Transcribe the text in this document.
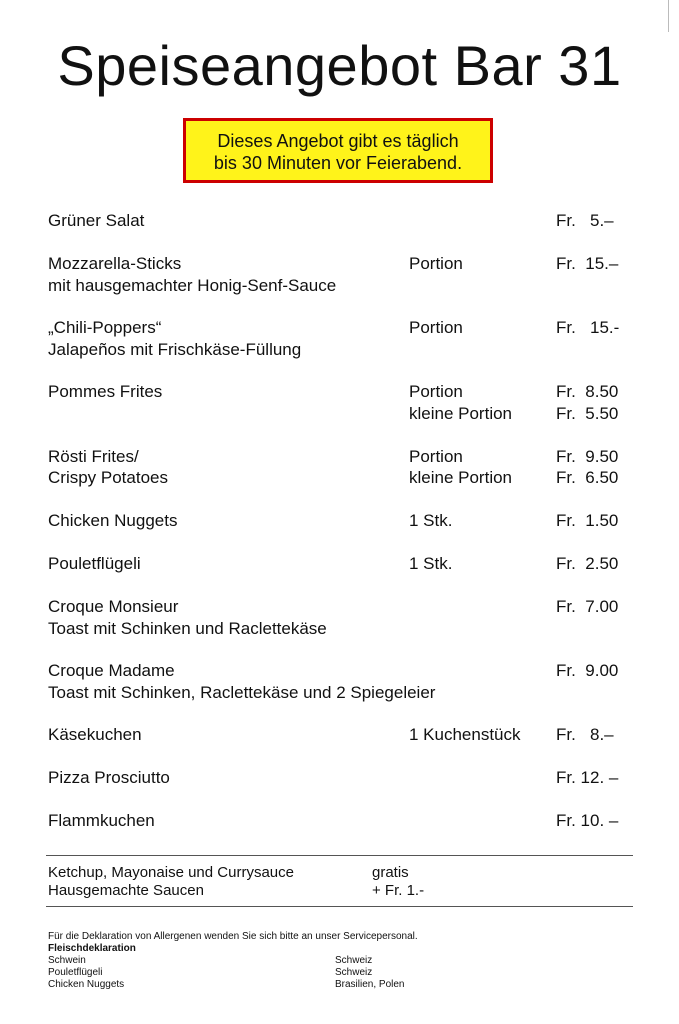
Speiseangebot Bar 31
Dieses Angebot gibt es täglich
bis 30 Minuten vor Feierabend.
Grüner Salat	Fr.   5.–
Mozzarella-Sticks	Portion	Fr.  15.–
mit hausgemachter Honig-Senf-Sauce
„Chili-Poppers“	Portion	Fr.   15.-
Jalapeños mit Frischkäse-Füllung
Pommes Frites	Portion	Fr.  8.50
kleine Portion	Fr.  5.50
Rösti Frites/	Portion	Fr.  9.50
Crispy Potatoes	kleine Portion	Fr.  6.50
Chicken Nuggets	1 Stk.	Fr.  1.50
Pouletflügeli	1 Stk.	Fr.  2.50
Croque Monsieur	Fr.  7.00
Toast mit Schinken und Raclettekäse
Croque Madame	Fr.  9.00
Toast mit Schinken, Raclettekäse und 2 Spiegeleier
Käsekuchen	1 Kuchenstück Fr.   8.–
Pizza Prosciutto	Fr. 12. –
Flammkuchen	Fr. 10. –
Ketchup, Mayonaise und Currysauce	gratis
Hausgemachte Saucen	+ Fr. 1.-
Für die Deklaration von Allergenen wenden Sie sich bitte an unser Servicepersonal.
Fleischdeklaration
Schwein	Schweiz
Pouletflügeli	Schweiz
Chicken Nuggets	Brasilien, Polen
